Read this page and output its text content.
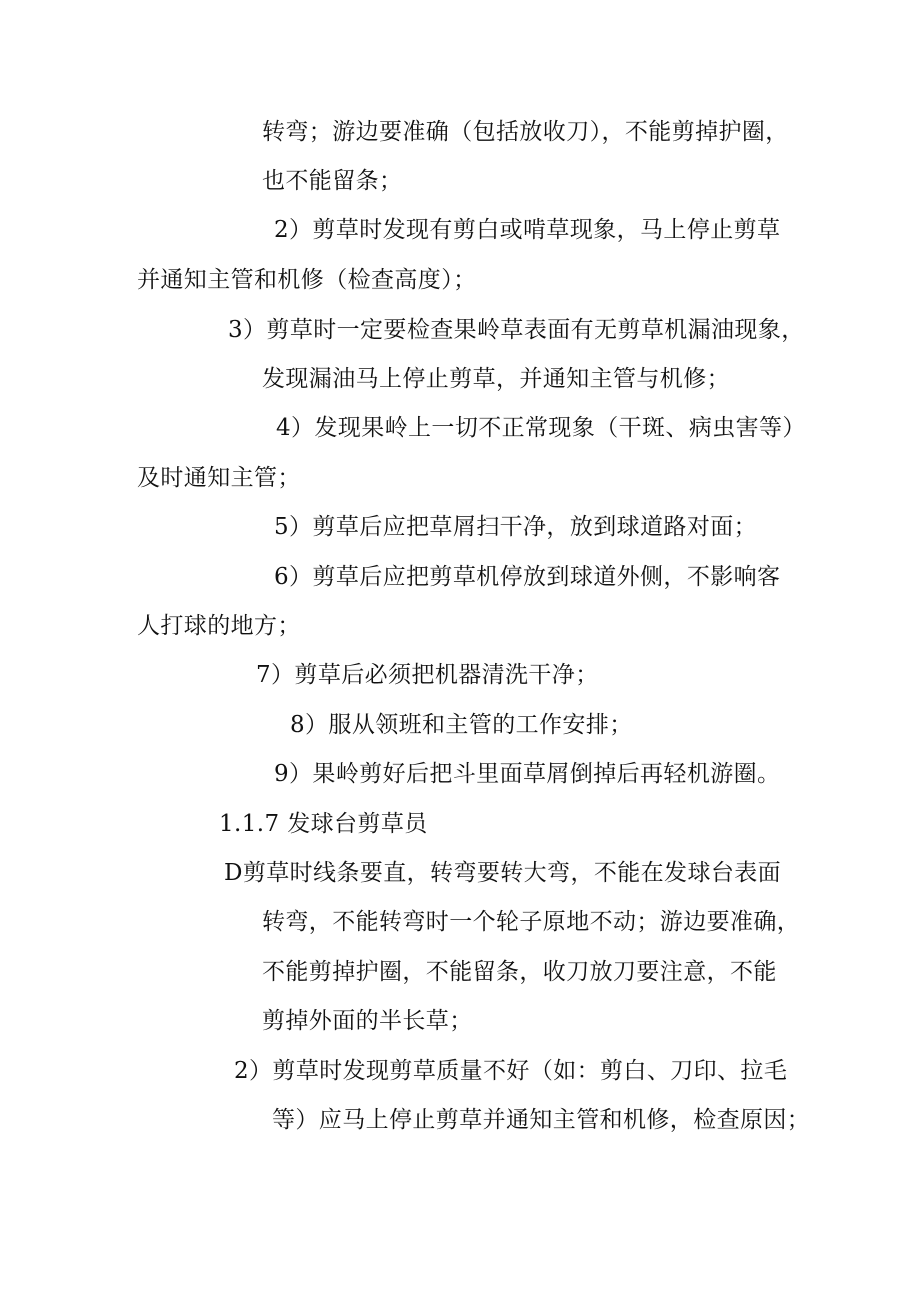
转弯；游边要准确（包括放收刀），不能剪掉护圈，

也不能留条；

2）剪草时发现有剪白或啃草现象，马上停止剪草

并通知主管和机修（检查高度）；

3）剪草时一定要检查果岭草表面有无剪草机漏油现象，

发现漏油马上停止剪草，并通知主管与机修；

4）发现果岭上一切不正常现象（干斑、病虫害等）

及时通知主管；

5）剪草后应把草屑扫干净，放到球道路对面；

6）剪草后应把剪草机停放到球道外侧，不影响客

人打球的地方；

7）剪草后必须把机器清洗干净；

8）服从领班和主管的工作安排；

9）果岭剪好后把斗里面草屑倒掉后再轻机游圈。

1.1.7 发球台剪草员

D剪草时线条要直，转弯要转大弯，不能在发球台表面

转弯，不能转弯时一个轮子原地不动；游边要准确，

不能剪掉护圈，不能留条，收刀放刀要注意，不能

剪掉外面的半长草；

2）剪草时发现剪草质量不好（如：剪白、刀印、拉毛

等）应马上停止剪草并通知主管和机修，检查原因；
